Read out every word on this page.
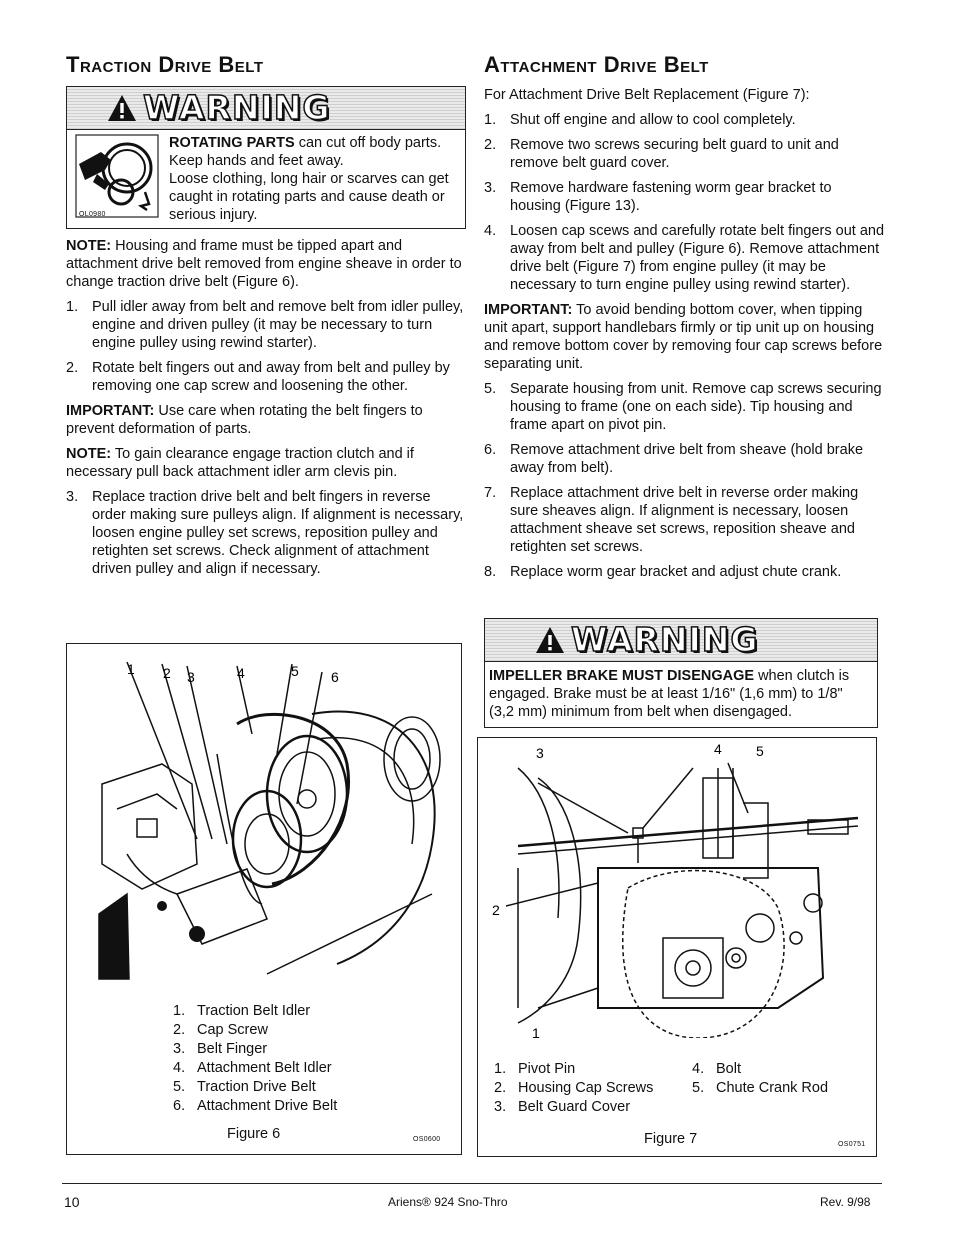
Traction Drive Belt
WARNING
OL0980
ROTATING PARTS can cut off body parts. Keep hands and feet away.
Loose clothing, long hair or scarves can get caught in rotating parts and cause death or serious injury.

NOTE: Housing and frame must be tipped apart and attachment drive belt removed from engine sheave in order to change traction drive belt (Figure 6).

1. Pull idler away from belt and remove belt from idler pulley, engine and driven pulley (it may be necessary to turn engine pulley using rewind starter).
2. Rotate belt fingers out and away from belt and pulley by removing one cap screw and loosening the other.

IMPORTANT: Use care when rotating the belt fingers to prevent deformation of parts.

NOTE: To gain clearance engage traction clutch and if necessary pull back attachment idler arm clevis pin.

3. Replace traction drive belt and belt fingers in reverse order making sure pulleys align. If alignment is necessary, loosen engine pulley set screws, reposition pulley and retighten set screws. Check alignment of attachment driven pulley and align if necessary.
Attachment Drive Belt

For Attachment Drive Belt Replacement (Figure 7):

1. Shut off engine and allow to cool completely.
2. Remove two screws securing belt guard to unit and remove belt guard cover.
3. Remove hardware fastening worm gear bracket to housing (Figure 13).
4. Loosen cap scews and carefully rotate belt fingers out and away from belt and pulley (Figure 6). Remove attachment drive belt (Figure 7) from engine pulley (it may be necessary to turn engine pulley using rewind starter).

IMPORTANT: To avoid bending bottom cover, when tipping unit apart, support handlebars firmly or tip unit up on housing and remove bottom cover by removing four cap screws before separating unit.

5. Separate housing from unit. Remove cap screws securing housing to frame (one on each side). Tip housing and frame apart on pivot pin.
6. Remove attachment drive belt from sheave (hold brake away from belt).
7. Replace attachment drive belt in reverse order making sure sheaves align. If alignment is necessary, loosen attachment sheave set screws, reposition sheave and retighten set screws.
8. Replace worm gear bracket and adjust chute crank.
WARNING
IMPELLER BRAKE MUST DISENGAGE when clutch is engaged. Brake must be at least 1/16" (1,6 mm) to 1/8" (3,2 mm) minimum from belt when disengaged.
1 2 3	4	5 6
1. Traction Belt Idler
2. Cap Screw
3. Belt Finger
4. Attachment Belt Idler
5. Traction Drive Belt
6. Attachment Drive Belt
Figure 6	OS0600
3	4 5
2
1
1. Pivot Pin
2. Housing Cap Screws
3. Belt Guard Cover
4. Bolt
5. Chute Crank Rod
Figure 7	OS0751
10	Ariens® 924 Sno-Thro	Rev. 9/98
